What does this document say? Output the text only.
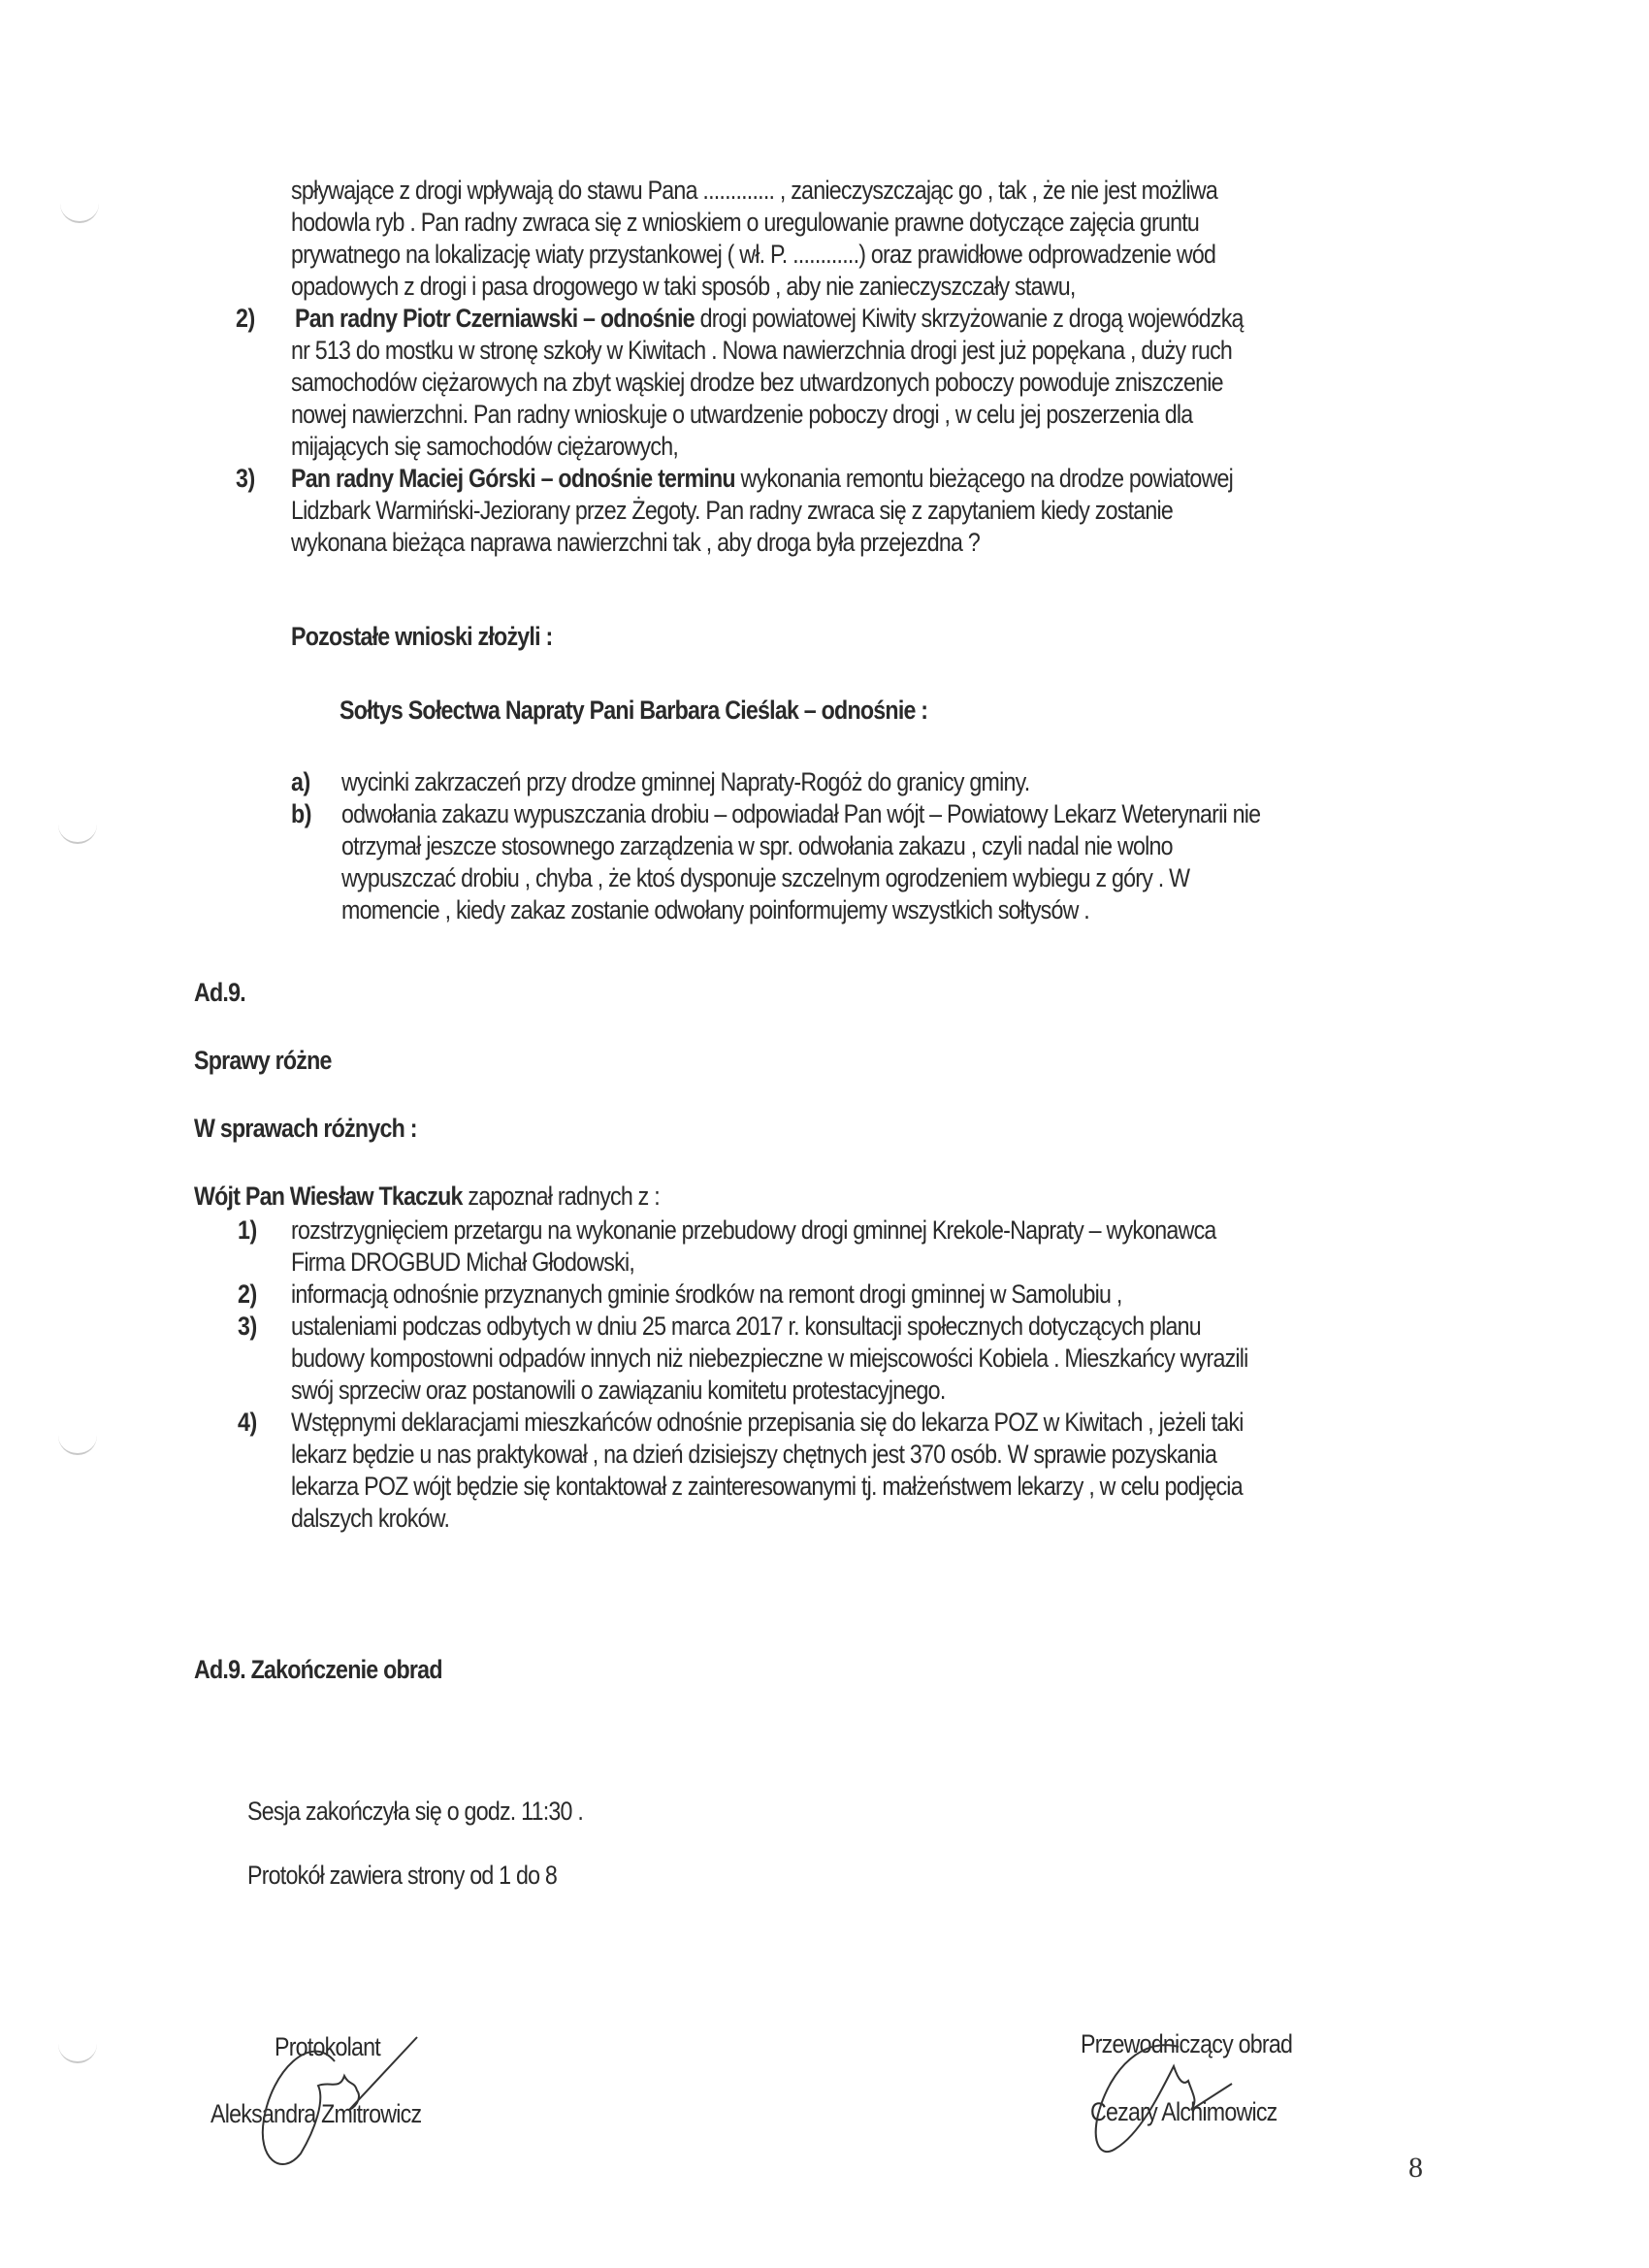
spływające z drogi wpływają do stawu Pana ............. , zanieczyszczając go , tak , że nie jest możliwa
hodowla ryb . Pan radny zwraca się z wnioskiem o uregulowanie prawne dotyczące zajęcia gruntu
prywatnego na lokalizację wiaty przystankowej ( wł. P. ............) oraz prawidłowe odprowadzenie wód
opadowych z drogi i pasa drogowego w taki sposób , aby nie zanieczyszczały stawu,
2) Pan radny Piotr Czerniawski – odnośnie drogi powiatowej Kiwity skrzyżowanie z drogą wojewódzką
nr 513 do mostku w stronę szkoły w Kiwitach . Nowa nawierzchnia drogi jest już popękana , duży ruch
samochodów ciężarowych na zbyt wąskiej drodze bez utwardzonych poboczy powoduje zniszczenie
nowej nawierzchni. Pan radny wnioskuje o utwardzenie poboczy drogi , w celu jej poszerzenia dla
mijających się samochodów ciężarowych,
3) Pan radny Maciej Górski – odnośnie terminu wykonania remontu bieżącego na drodze powiatowej
Lidzbark Warmiński-Jeziorany przez Żegoty. Pan radny zwraca się z zapytaniem kiedy zostanie
wykonana bieżąca naprawa nawierzchni tak , aby droga była przejezdna ?
Pozostałe wnioski złożyli :
Sołtys Sołectwa Napraty Pani Barbara Cieślak – odnośnie :
a) wycinki zakrzaczeń przy drodze gminnej Napraty-Rogóż do granicy gminy.
b) odwołania zakazu wypuszczania drobiu – odpowiadał Pan wójt – Powiatowy Lekarz Weterynarii nie
otrzymał jeszcze stosownego zarządzenia w spr. odwołania zakazu , czyli nadal nie wolno
wypuszczać drobiu , chyba , że ktoś dysponuje szczelnym ogrodzeniem wybiegu z góry . W
momencie , kiedy zakaz zostanie odwołany poinformujemy wszystkich sołtysów .
Ad.9.
Sprawy różne
W sprawach różnych :
Wójt Pan Wiesław Tkaczuk zapoznał radnych z :
1) rozstrzygnięciem przetargu na wykonanie przebudowy drogi gminnej Krekole-Napraty – wykonawca
Firma DROGBUD Michał Głodowski,
2) informacją odnośnie przyznanych gminie środków na remont drogi gminnej w Samolubiu ,
3) ustaleniami podczas odbytych w dniu 25 marca 2017 r. konsultacji społecznych dotyczących planu
budowy kompostowni odpadów innych niż niebezpieczne w miejscowości Kobiela . Mieszkańcy wyrazili
swój sprzeciw oraz postanowili o zawiązaniu komitetu protestacyjnego.
4) Wstępnymi deklaracjami mieszkańców odnośnie przepisania się do lekarza POZ w Kiwitach , jeżeli taki
lekarz będzie u nas praktykował , na dzień dzisiejszy chętnych jest 370 osób. W sprawie pozyskania
lekarza POZ wójt będzie się kontaktował z zainteresowanymi tj. małżeństwem lekarzy , w celu podjęcia
dalszych kroków.
Ad.9. Zakończenie obrad
Sesja zakończyła się o godz. 11:30 .
Protokół zawiera strony od 1 do 8
Protokolant
Aleksandra Zmitrowicz
Przewodniczący obrad
Cezary Alchimowicz
8
